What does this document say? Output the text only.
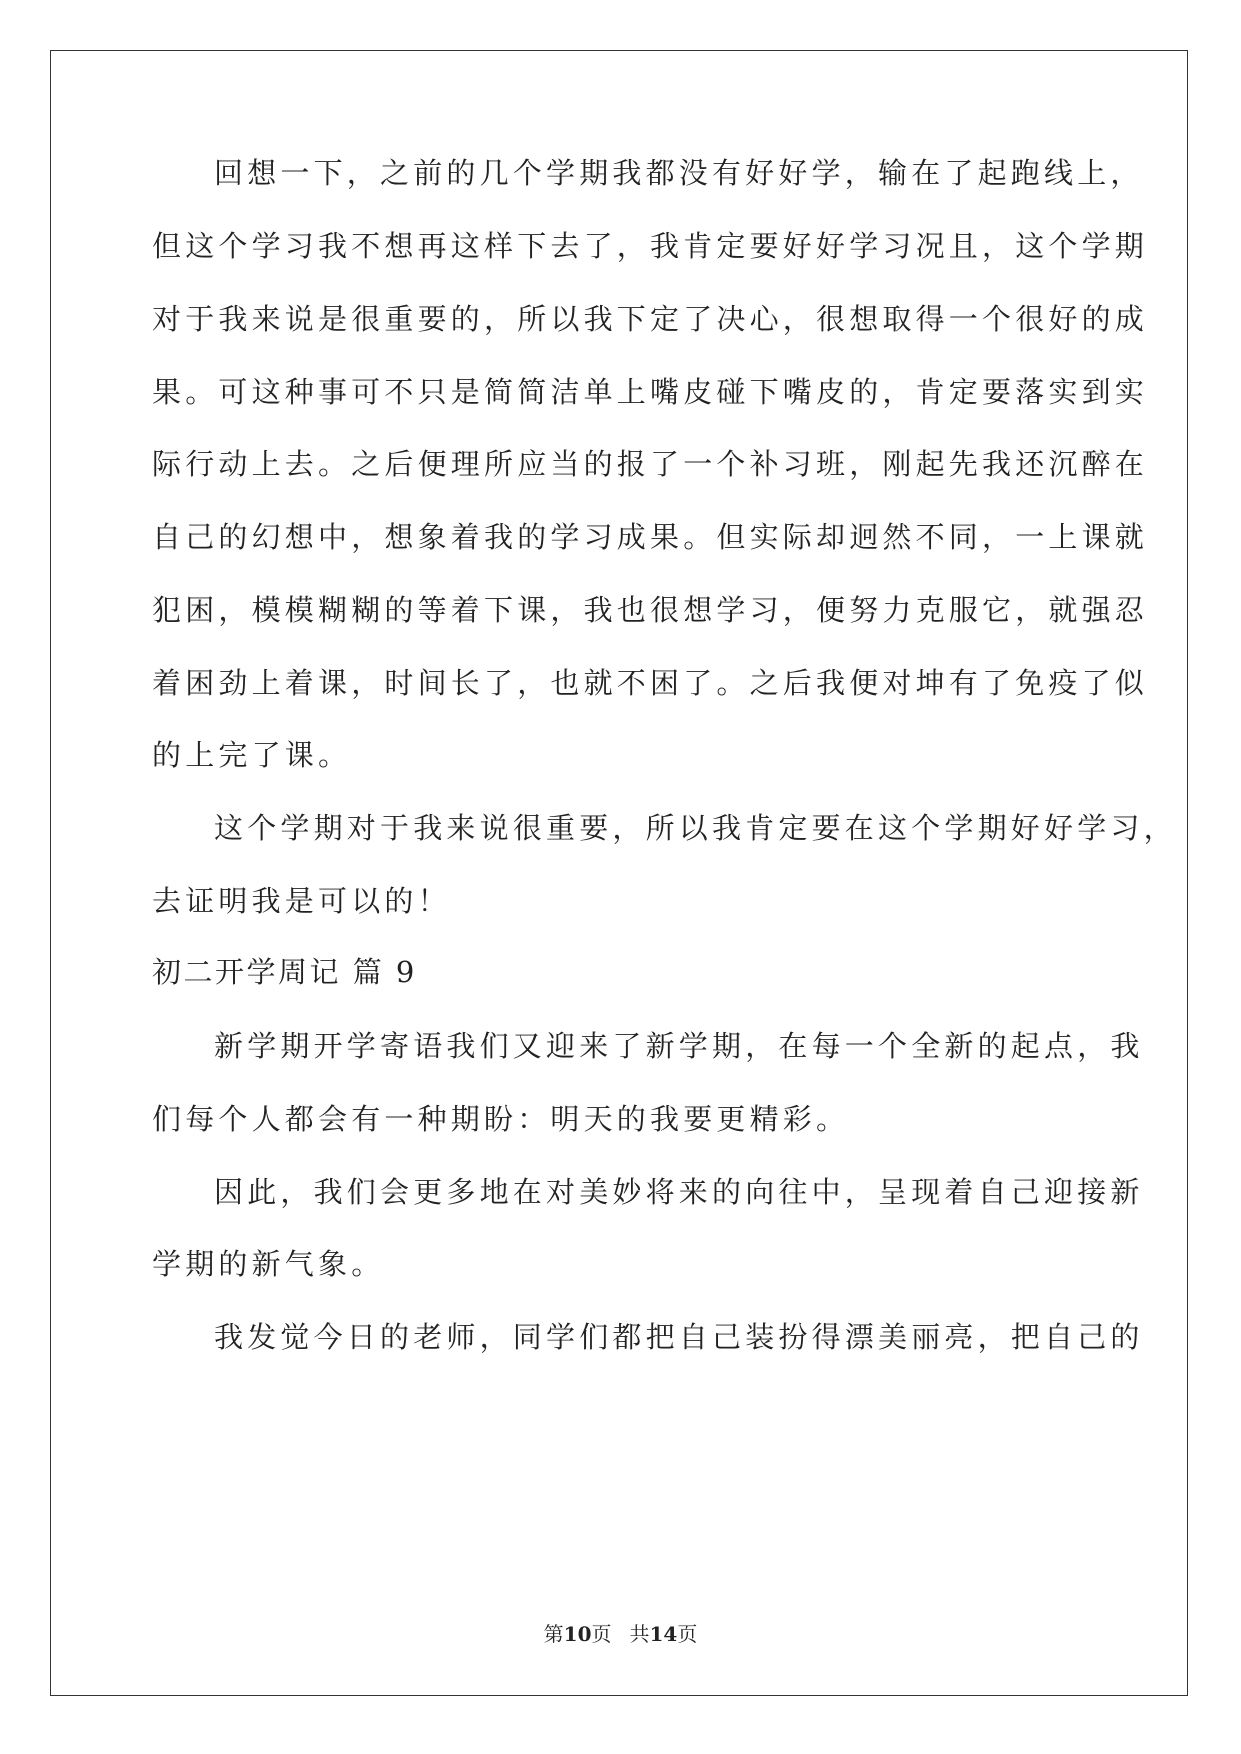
回想一下，之前的几个学期我都没有好好学，输在了起跑线上，
但这个学习我不想再这样下去了，我肯定要好好学习况且，这个学期
对于我来说是很重要的，所以我下定了决心，很想取得一个很好的成
果。可这种事可不只是简简洁单上嘴皮碰下嘴皮的，肯定要落实到实
际行动上去。之后便理所应当的报了一个补习班，刚起先我还沉醉在
自己的幻想中，想象着我的学习成果。但实际却迥然不同，一上课就
犯困，模模糊糊的等着下课，我也很想学习，便努力克服它，就强忍
着困劲上着课，时间长了，也就不困了。之后我便对坤有了免疫了似
的上完了课。
这个学期对于我来说很重要，所以我肯定要在这个学期好好学习，
去证明我是可以的！
初二开学周记 篇 9
新学期开学寄语我们又迎来了新学期，在每一个全新的起点，我
们每个人都会有一种期盼：明天的我要更精彩。
因此，我们会更多地在对美妙将来的向往中，呈现着自己迎接新
学期的新气象。
我发觉今日的老师，同学们都把自己装扮得漂美丽亮，把自己的
第10页 共14页
